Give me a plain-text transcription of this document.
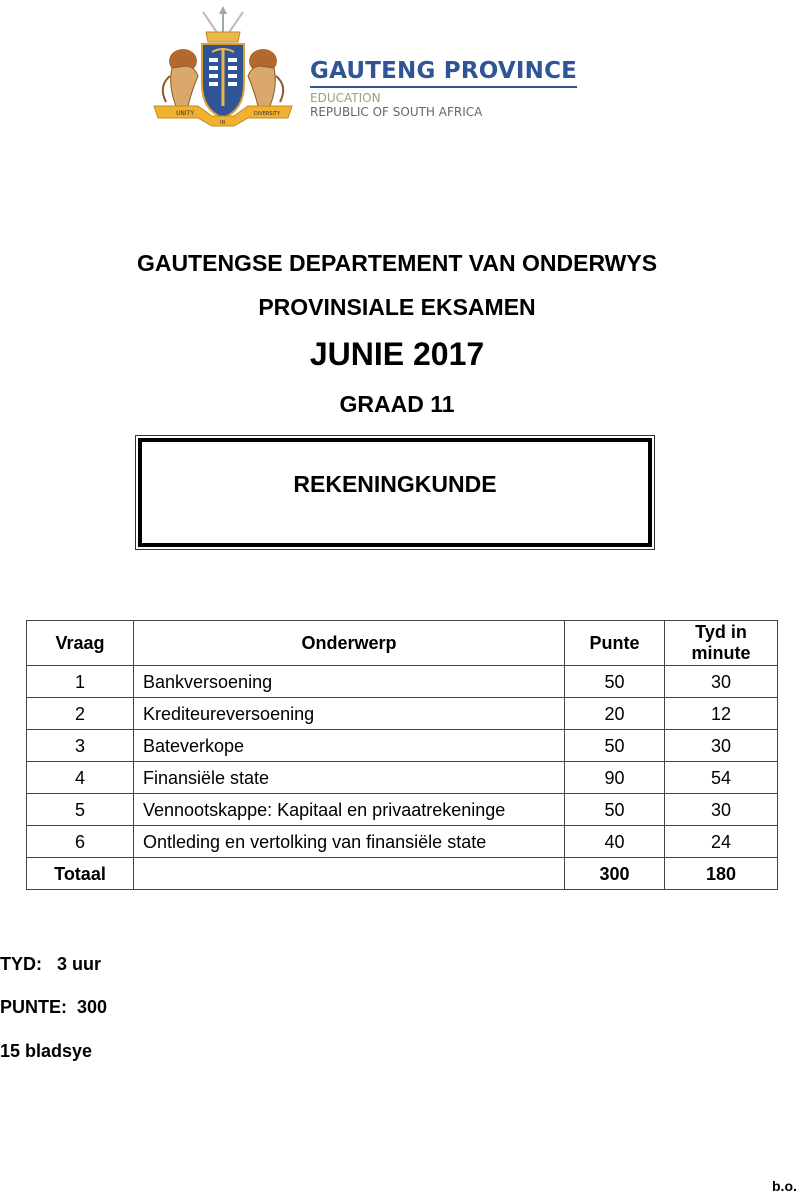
UNITY
IN
DIVERSITY
GAUTENG PROVINCE
EDUCATION
REPUBLIC OF SOUTH AFRICA
GAUTENGSE DEPARTEMENT VAN ONDERWYS
PROVINSIALE EKSAMEN
JUNIE 2017
GRAAD 11
REKENINGKUNDE
Vraag	Onderwerp	Punte	Tyd in minute
1	Bankversoening	50	30
2	Krediteureversoening	20	12
3	Bateverkope	50	30
4	Finansiële state	90	54
5	Vennootskappe: Kapitaal en privaatrekeninge	50	30
6	Ontleding en vertolking van finansiële state	40	24
Totaal		300	180
TYD:   3 uur
PUNTE:  300
15 bladsye
b.o.
